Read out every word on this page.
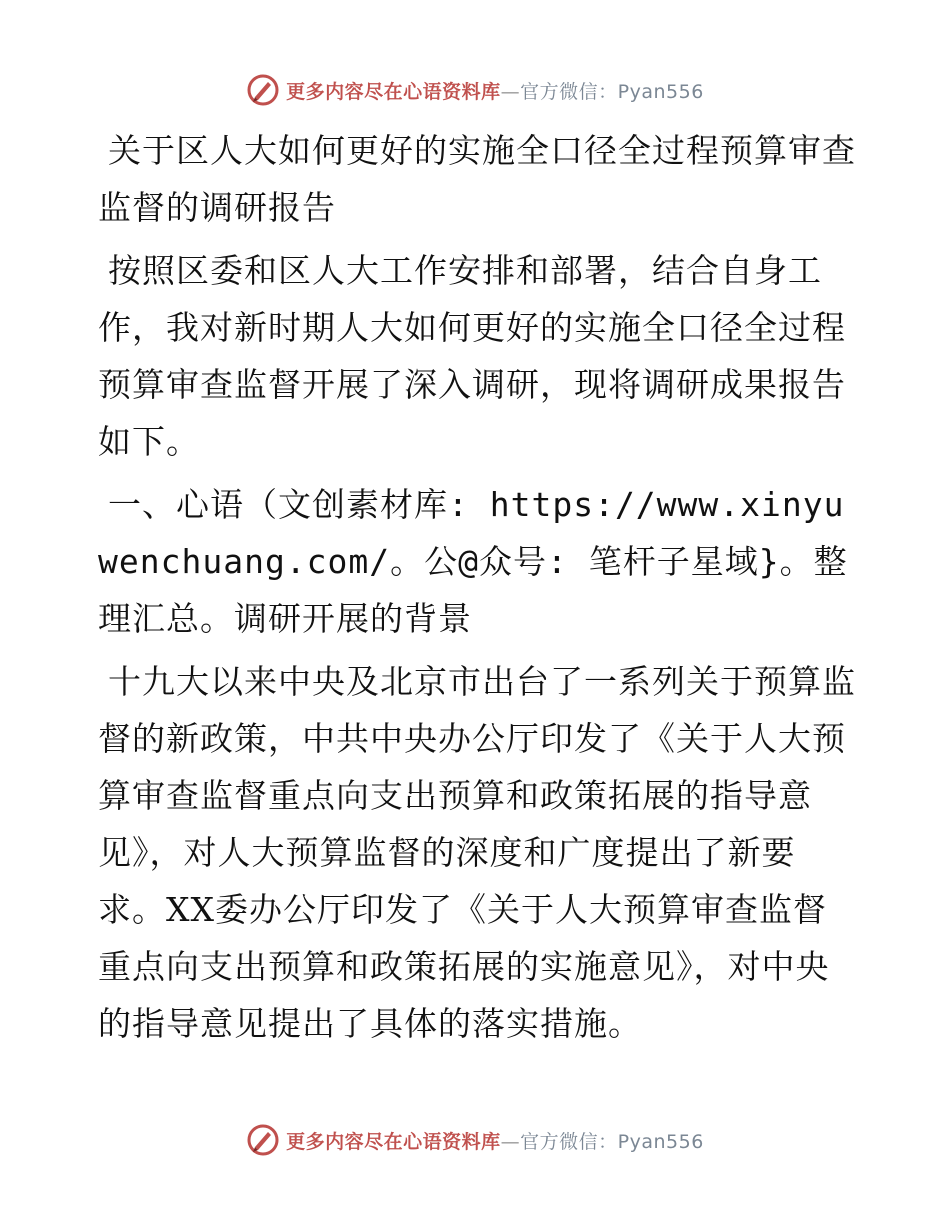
更多内容尽在心语资料库—官方微信：Pyan556
关于区人大如何更好的实施全口径全过程预算审查监督的调研报告

按照区委和区人大工作安排和部署，结合自身工作，我对新时期人大如何更好的实施全口径全过程预算审查监督开展了深入调研，现将调研成果报告如下。

一、心语（文创素材库: https://www.xinyuwenchuang.com/。公@众号: 笔杆子星域}。整理汇总。调研开展的背景

十九大以来中央及北京市出台了一系列关于预算监督的新政策，中共中央办公厅印发了《关于人大预算审查监督重点向支出预算和政策拓展的指导意见》，对人大预算监督的深度和广度提出了新要求。XX委办公厅印发了《关于人大预算审查监督重点向支出预算和政策拓展的实施意见》，对中央的指导意见提出了具体的落实措施。

更多内容尽在心语资料库—官方微信：Pyan556
